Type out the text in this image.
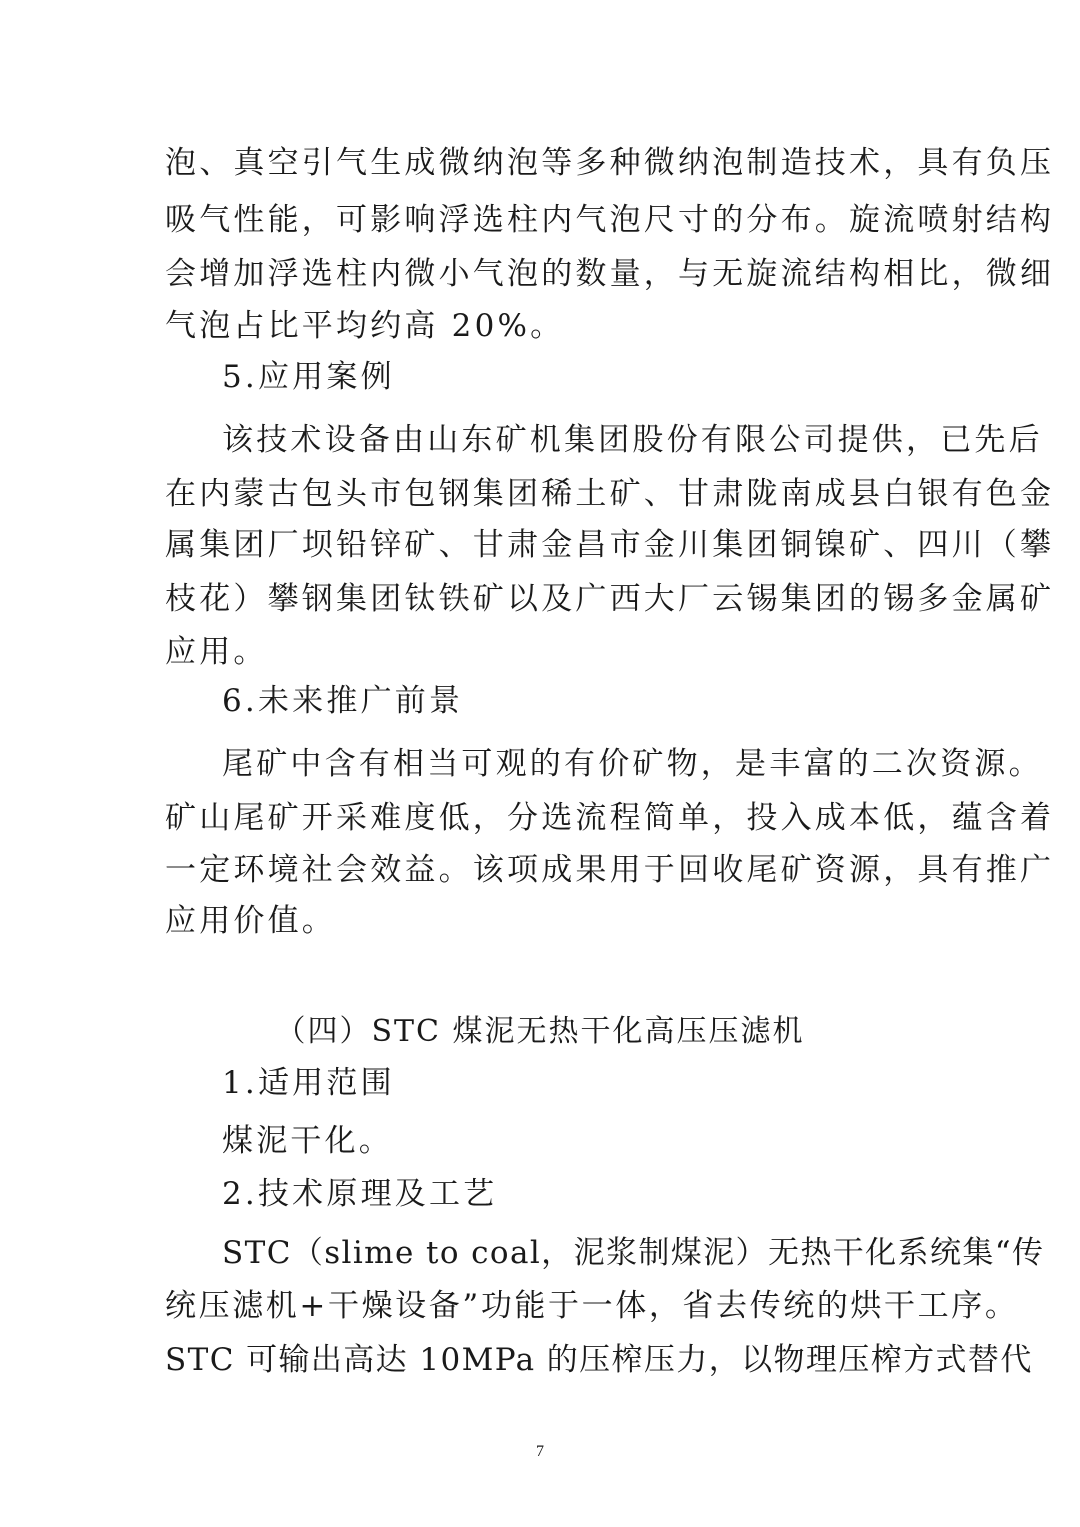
泡、真空引气生成微纳泡等多种微纳泡制造技术，具有负压
吸气性能，可影响浮选柱内气泡尺寸的分布。旋流喷射结构
会增加浮选柱内微小气泡的数量，与无旋流结构相比，微细
气泡占比平均约高 20%。
5.应用案例
该技术设备由山东矿机集团股份有限公司提供，已先后
在内蒙古包头市包钢集团稀土矿、甘肃陇南成县白银有色金
属集团厂坝铅锌矿、甘肃金昌市金川集团铜镍矿、四川（攀
枝花）攀钢集团钛铁矿以及广西大厂云锡集团的锡多金属矿
应用。
6.未来推广前景
尾矿中含有相当可观的有价矿物，是丰富的二次资源。
矿山尾矿开采难度低，分选流程简单，投入成本低，蕴含着
一定环境社会效益。该项成果用于回收尾矿资源，具有推广
应用价值。
（四）STC 煤泥无热干化高压压滤机
1.适用范围
煤泥干化。
2.技术原理及工艺
STC（slime to coal，泥浆制煤泥）无热干化系统集“传
统压滤机+干燥设备”功能于一体，省去传统的烘干工序。
STC 可输出高达 10MPa 的压榨压力，以物理压榨方式替代
7
